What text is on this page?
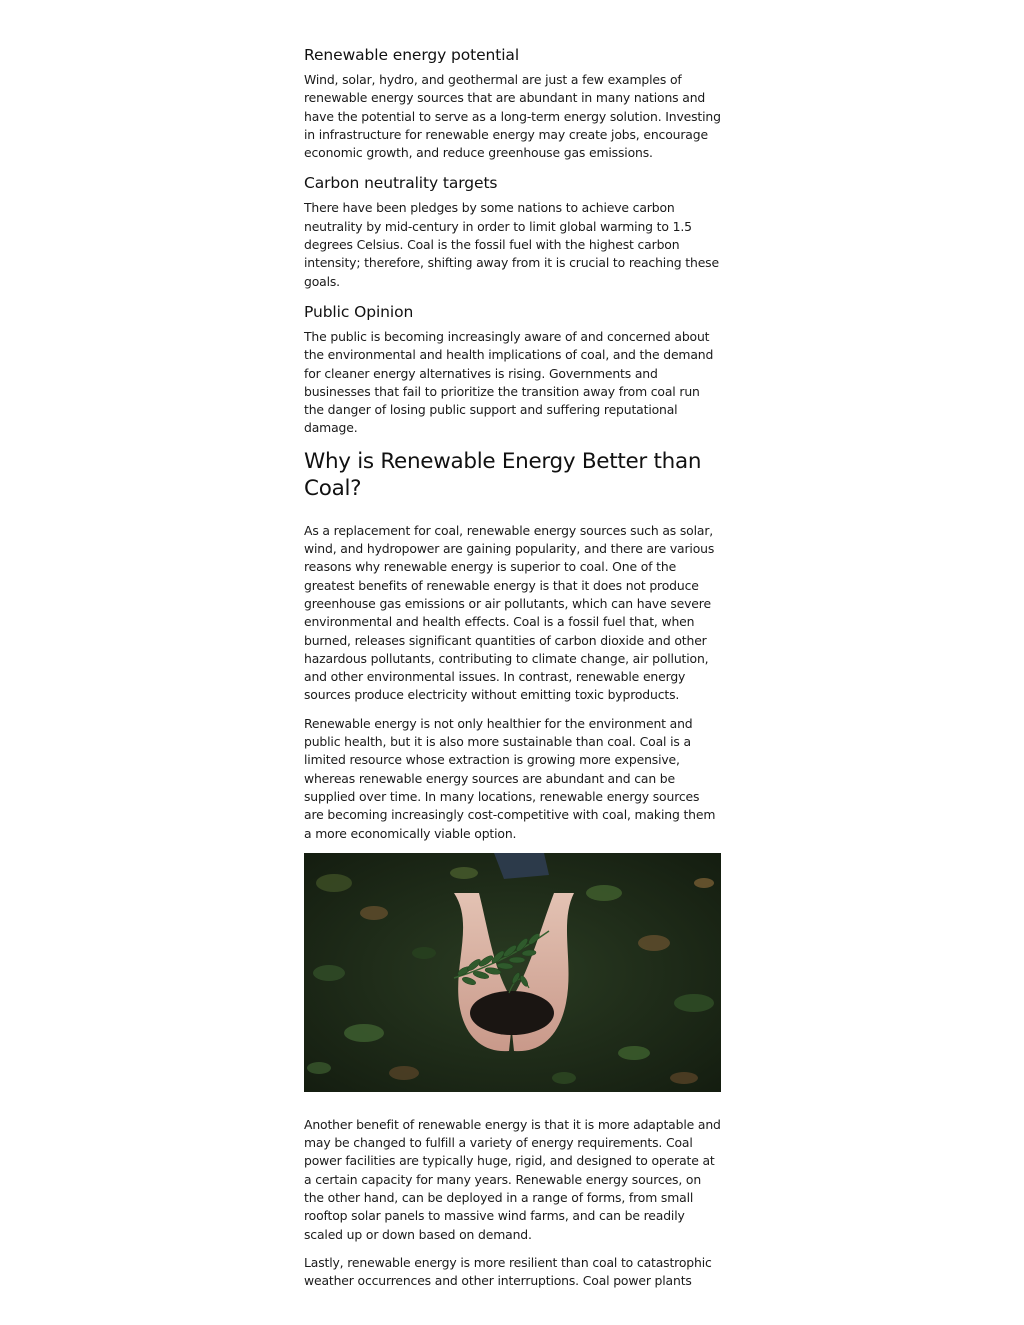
Renewable energy potential

Wind, solar, hydro, and geothermal are just a few examples of renewable energy sources that are abundant in many nations and have the potential to serve as a long-term energy solution. Investing in infrastructure for renewable energy may create jobs, encourage economic growth, and reduce greenhouse gas emissions.

Carbon neutrality targets

There have been pledges by some nations to achieve carbon neutrality by mid-century in order to limit global warming to 1.5 degrees Celsius. Coal is the fossil fuel with the highest carbon intensity; therefore, shifting away from it is crucial to reaching these goals.

Public Opinion

The public is becoming increasingly aware of and concerned about the environmental and health implications of coal, and the demand for cleaner energy alternatives is rising. Governments and businesses that fail to prioritize the transition away from coal run the danger of losing public support and suffering reputational damage.

Why is Renewable Energy Better than Coal?

As a replacement for coal, renewable energy sources such as solar, wind, and hydropower are gaining popularity, and there are various reasons why renewable energy is superior to coal. One of the greatest benefits of renewable energy is that it does not produce greenhouse gas emissions or air pollutants, which can have severe environmental and health effects. Coal is a fossil fuel that, when burned, releases significant quantities of carbon dioxide and other hazardous pollutants, contributing to climate change, air pollution, and other environmental issues. In contrast, renewable energy sources produce electricity without emitting toxic byproducts.

Renewable energy is not only healthier for the environment and public health, but it is also more sustainable than coal. Coal is a limited resource whose extraction is growing more expensive, whereas renewable energy sources are abundant and can be supplied over time. In many locations, renewable energy sources are becoming increasingly cost-competitive with coal, making them a more economically viable option.

Another benefit of renewable energy is that it is more adaptable and may be changed to fulfill a variety of energy requirements. Coal power facilities are typically huge, rigid, and designed to operate at a certain capacity for many years. Renewable energy sources, on the other hand, can be deployed in a range of forms, from small rooftop solar panels to massive wind farms, and can be readily scaled up or down based on demand.

Lastly, renewable energy is more resilient than coal to catastrophic weather occurrences and other interruptions. Coal power plants
